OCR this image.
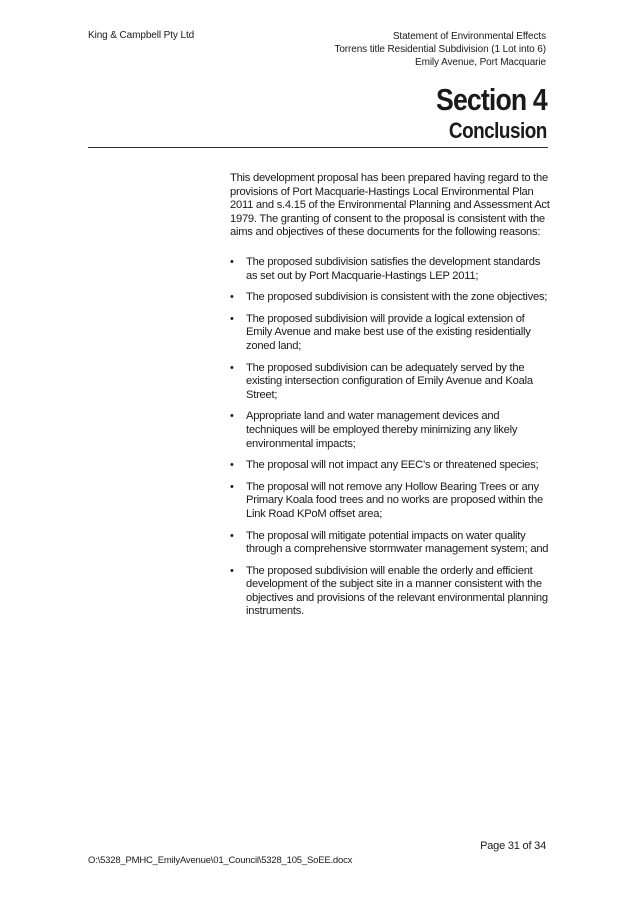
King & Campbell Pty Ltd	Statement of Environmental Effects
Torrens title Residential Subdivision (1 Lot into 6)
Emily Avenue, Port Macquarie
Section 4
Conclusion

This development proposal has been prepared having regard to the provisions of Port Macquarie-Hastings Local Environmental Plan 2011 and s.4.15 of the Environmental Planning and Assessment Act 1979. The granting of consent to the proposal is consistent with the aims and objectives of these documents for the following reasons:

• The proposed subdivision satisfies the development standards as set out by Port Macquarie-Hastings LEP 2011;
• The proposed subdivision is consistent with the zone objectives;
• The proposed subdivision will provide a logical extension of Emily Avenue and make best use of the existing residentially zoned land;
• The proposed subdivision can be adequately served by the existing intersection configuration of Emily Avenue and Koala Street;
• Appropriate land and water management devices and techniques will be employed thereby minimizing any likely environmental impacts;
• The proposal will not impact any EEC’s or threatened species;
• The proposal will not remove any Hollow Bearing Trees or any Primary Koala food trees and no works are proposed within the Link Road KPoM offset area;
• The proposal will mitigate potential impacts on water quality through a comprehensive stormwater management system; and
• The proposed subdivision will enable the orderly and efficient development of the subject site in a manner consistent with the objectives and provisions of the relevant environmental planning instruments.
Page 31 of 34
O:\5328_PMHC_EmilyAvenue\01_Council\5328_105_SoEE.docx
